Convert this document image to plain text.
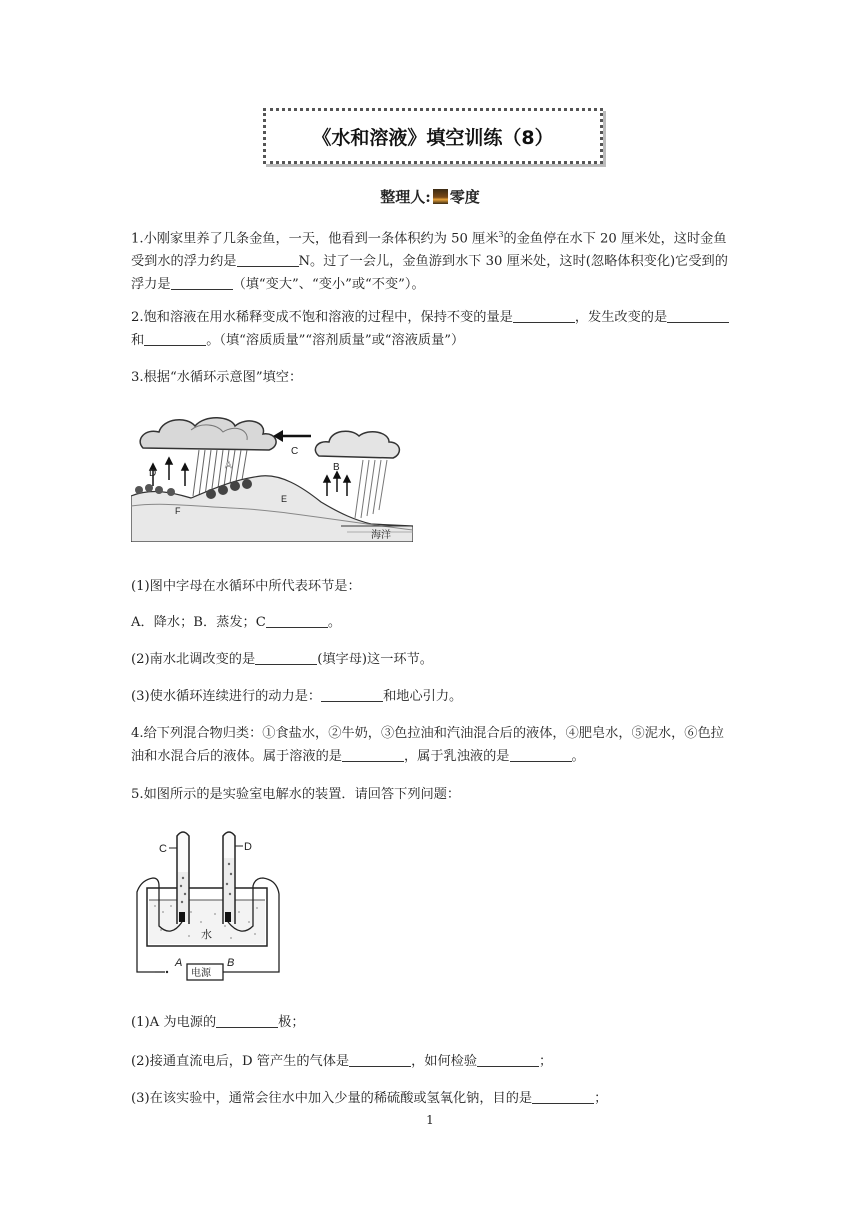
《水和溶液》填空训练（8）
整理人: 零度

1.小刚家里养了几条金鱼，一天，他看到一条体积约为 50 厘米$^3$的金鱼停在水下 20 厘米处，这时金鱼受到水的浮力约是	N。过了一会儿，金鱼游到水下 30 厘米处，这时(忽略体积变化)它受到的浮力是	（填“变大”、“变小”或“不变”）。

2.饱和溶液在用水稀释变成不饱和溶液的过程中，保持不变的量是	，发生改变的是和	。（填“溶质质量”“溶剂质量”或“溶液质量”）

3.根据“水循环示意图”填空：

C
A
D
B
E
F
海洋

(1)图中字母在水循环中所代表环节是：

A．降水；B．蒸发；C	。

(2)南水北调改变的是	(填字母)这一环节。

(3)使水循环连续进行的动力是：	和地心引力。

4.给下列混合物归类：①食盐水，②牛奶，③色拉油和汽油混合后的液体，④肥皂水，⑤泥水，⑥色拉油和水混合后的液体。属于溶液的是	，属于乳浊液的是	。

5.如图所示的是实验室电解水的装置．请回答下列问题：

C	D
水
电源
A	B

(1)A 为电源的	极；

(2)接通直流电后，D 管产生的气体是	，如何检验	；

(3)在该实验中，通常会往水中加入少量的稀硫酸或氢氧化钠，目的是	；

1
